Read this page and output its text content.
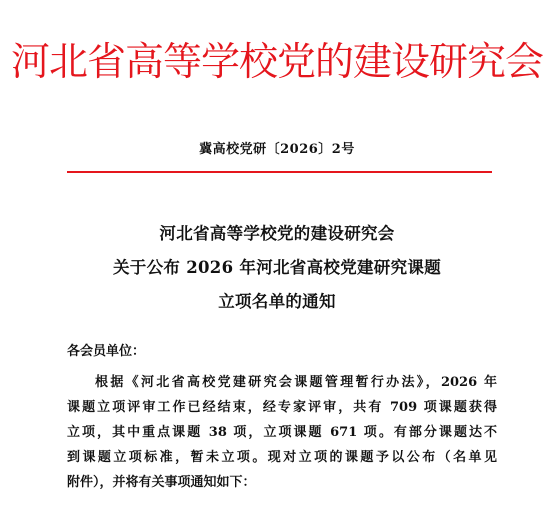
河北省高等学校党的建设研究会
冀高校党研〔2026〕2号
河北省高等学校党的建设研究会
关于公布 2026 年河北省高校党建研究课题
立项名单的通知
各会员单位：
根据《河北省高校党建研究会课题管理暂行办法》，2026 年
课题立项评审工作已经结束，经专家评审，共有 709 项课题获得
立项，其中重点课题 38 项，立项课题 671 项。有部分课题达不
到课题立项标准，暂未立项。现对立项的课题予以公布（名单见
附件），并将有关事项通知如下：
